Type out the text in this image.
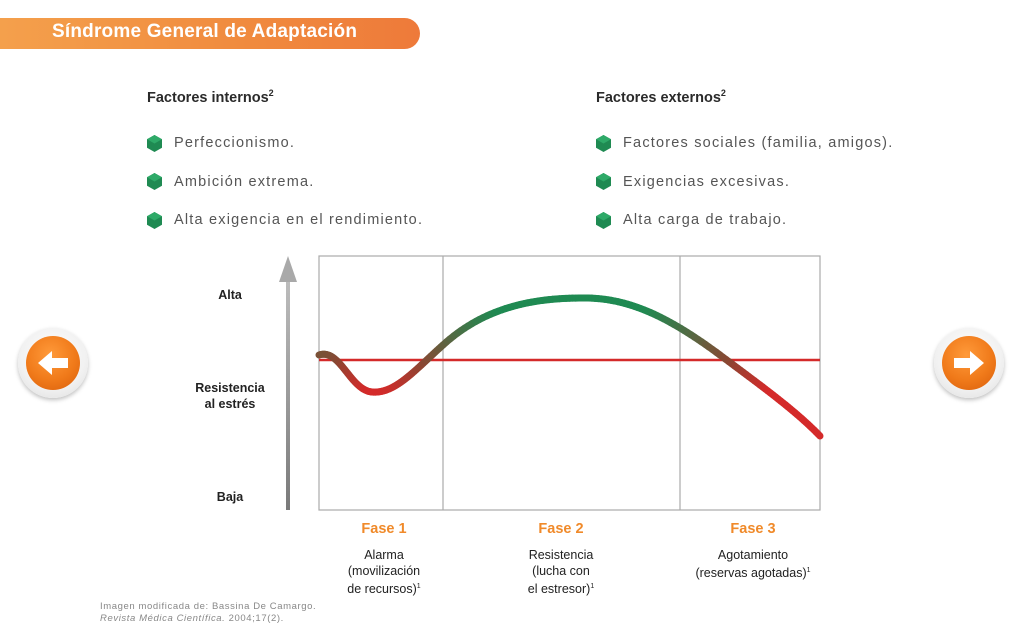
Síndrome General de Adaptación
Factores internos$^2$
Perfeccionismo.
Ambición extrema.
Alta exigencia en el rendimiento.
Factores externos$^2$
Factores sociales (familia, amigos).
Exigencias excesivas.
Alta carga de trabajo.
Alta
Resistencia
al estrés
Baja
Fase 1
Alarma
(movilización
de recursos)$^1$
Fase 2
Resistencia
(lucha con
el estresor)$^1$
Fase 3
Agotamiento
(reservas agotadas)$^1$
Imagen modificada de: Bassina De Camargo.
Revista Médica Científica. 2004;17(2).
